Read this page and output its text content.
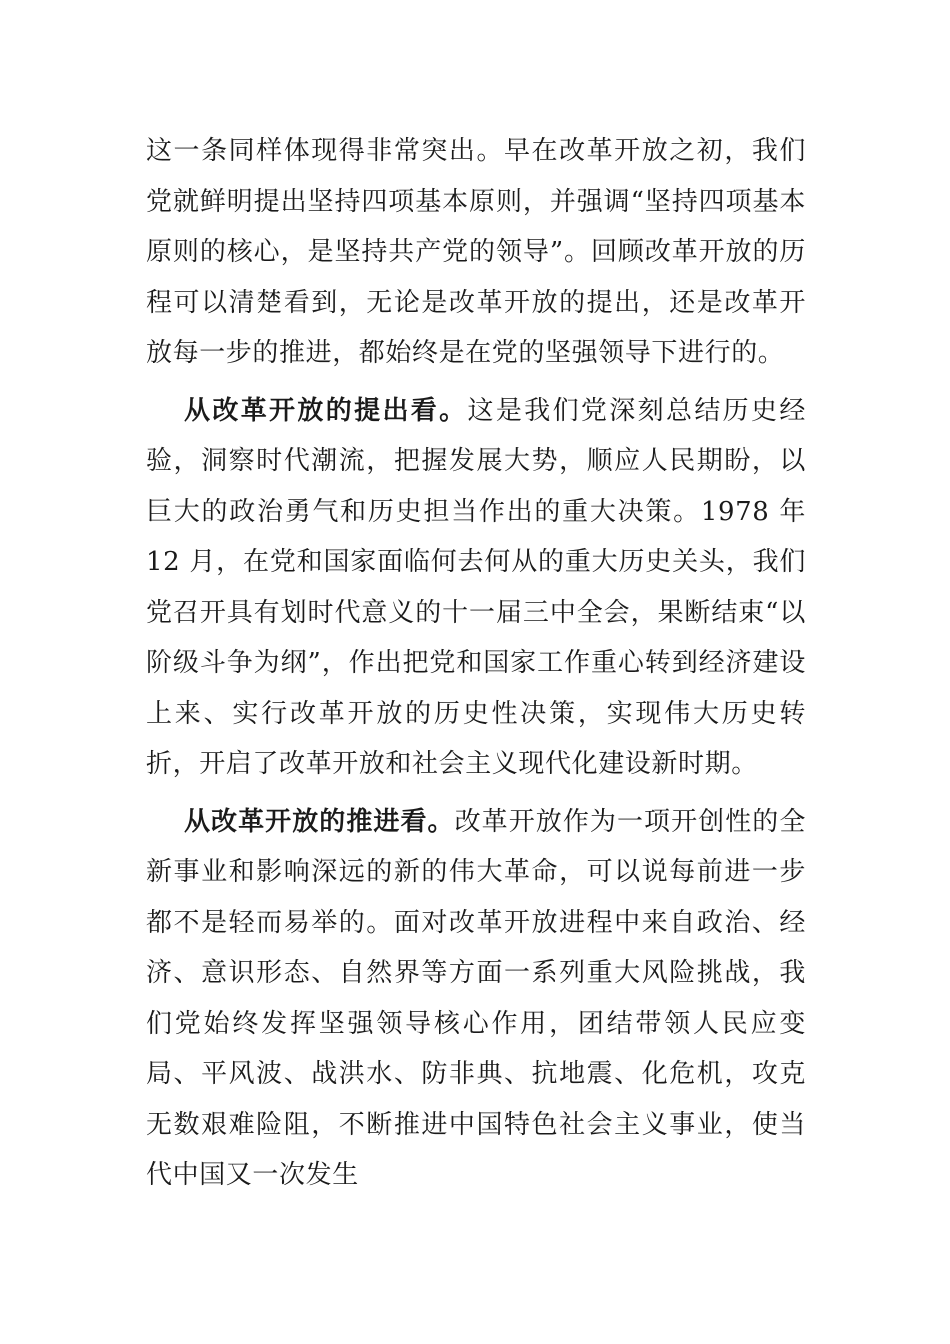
这一条同样体现得非常突出。早在改革开放之初，我们党就鲜明提出坚持四项基本原则，并强调“坚持四项基本原则的核心，是坚持共产党的领导”。回顾改革开放的历程可以清楚看到，无论是改革开放的提出，还是改革开放每一步的推进，都始终是在党的坚强领导下进行的。

从改革开放的提出看。这是我们党深刻总结历史经验，洞察时代潮流，把握发展大势，顺应人民期盼，以巨大的政治勇气和历史担当作出的重大决策。1978 年 12 月，在党和国家面临何去何从的重大历史关头，我们党召开具有划时代意义的十一届三中全会，果断结束“以阶级斗争为纲”，作出把党和国家工作重心转到经济建设上来、实行改革开放的历史性决策，实现伟大历史转折，开启了改革开放和社会主义现代化建设新时期。

从改革开放的推进看。改革开放作为一项开创性的全新事业和影响深远的新的伟大革命，可以说每前进一步都不是轻而易举的。面对改革开放进程中来自政治、经济、意识形态、自然界等方面一系列重大风险挑战，我们党始终发挥坚强领导核心作用，团结带领人民应变局、平风波、战洪水、防非典、抗地震、化危机，攻克无数艰难险阻，不断推进中国特色社会主义事业，使当代中国又一次发生
